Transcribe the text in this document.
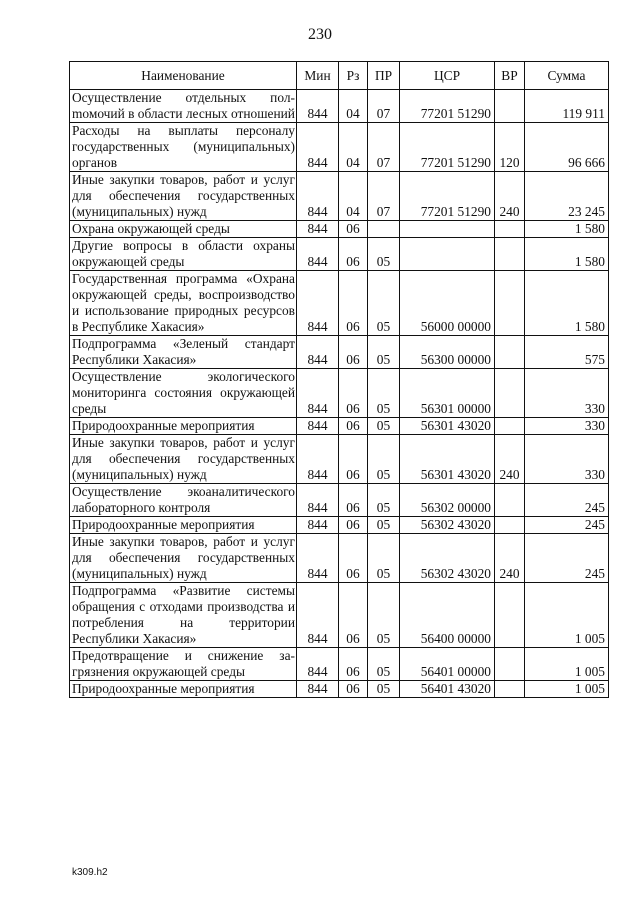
230
Наименование	Мин	Рз	ПР	ЦСР	ВР	Сумма
Осуществление отдельных полmомочий в области лесных отношений	844	04	07	77201 51290		119 911
Расходы на выплаты персоналу государственных (муниципальных) органов	844	04	07	77201 51290	120	96 666
Иные закупки товаров, работ и услуг для обеспечения государственных (муниципальных) нужд	844	04	07	77201 51290	240	23 245
Охрана окружающей среды	844	06				1 580
Другие вопросы в области охраны окружающей среды	844	06	05			1 580
Государственная программа «Охрана окружающей среды, воспроизводство и использование природных ресурсов в Республике Хакасия»	844	06	05	56000 00000		1 580
Подпрограмма «Зеленый стандарт Республики Хакасия»	844	06	05	56300 00000		575
Осуществление экологического мониторинга состояния окружающей среды	844	06	05	56301 00000		330
Природоохранные мероприятия	844	06	05	56301 43020		330
Иные закупки товаров, работ и услуг для обеспечения государственных (муниципальных) нужд	844	06	05	56301 43020	240	330
Осуществление экоаналитического лабораторного контроля	844	06	05	56302 00000		245
Природоохранные мероприятия	844	06	05	56302 43020		245
Иные закупки товаров, работ и услуг для обеспечения государственных (муниципальных) нужд	844	06	05	56302 43020	240	245
Подпрограмма «Развитие системы обращения с отходами производства и потребления на территории Республики Хакасия»	844	06	05	56400 00000		1 005
Предотвращение и снижение загрязнения окружающей среды	844	06	05	56401 00000		1 005
Природоохранные мероприятия	844	06	05	56401 43020		1 005
k309.h2
